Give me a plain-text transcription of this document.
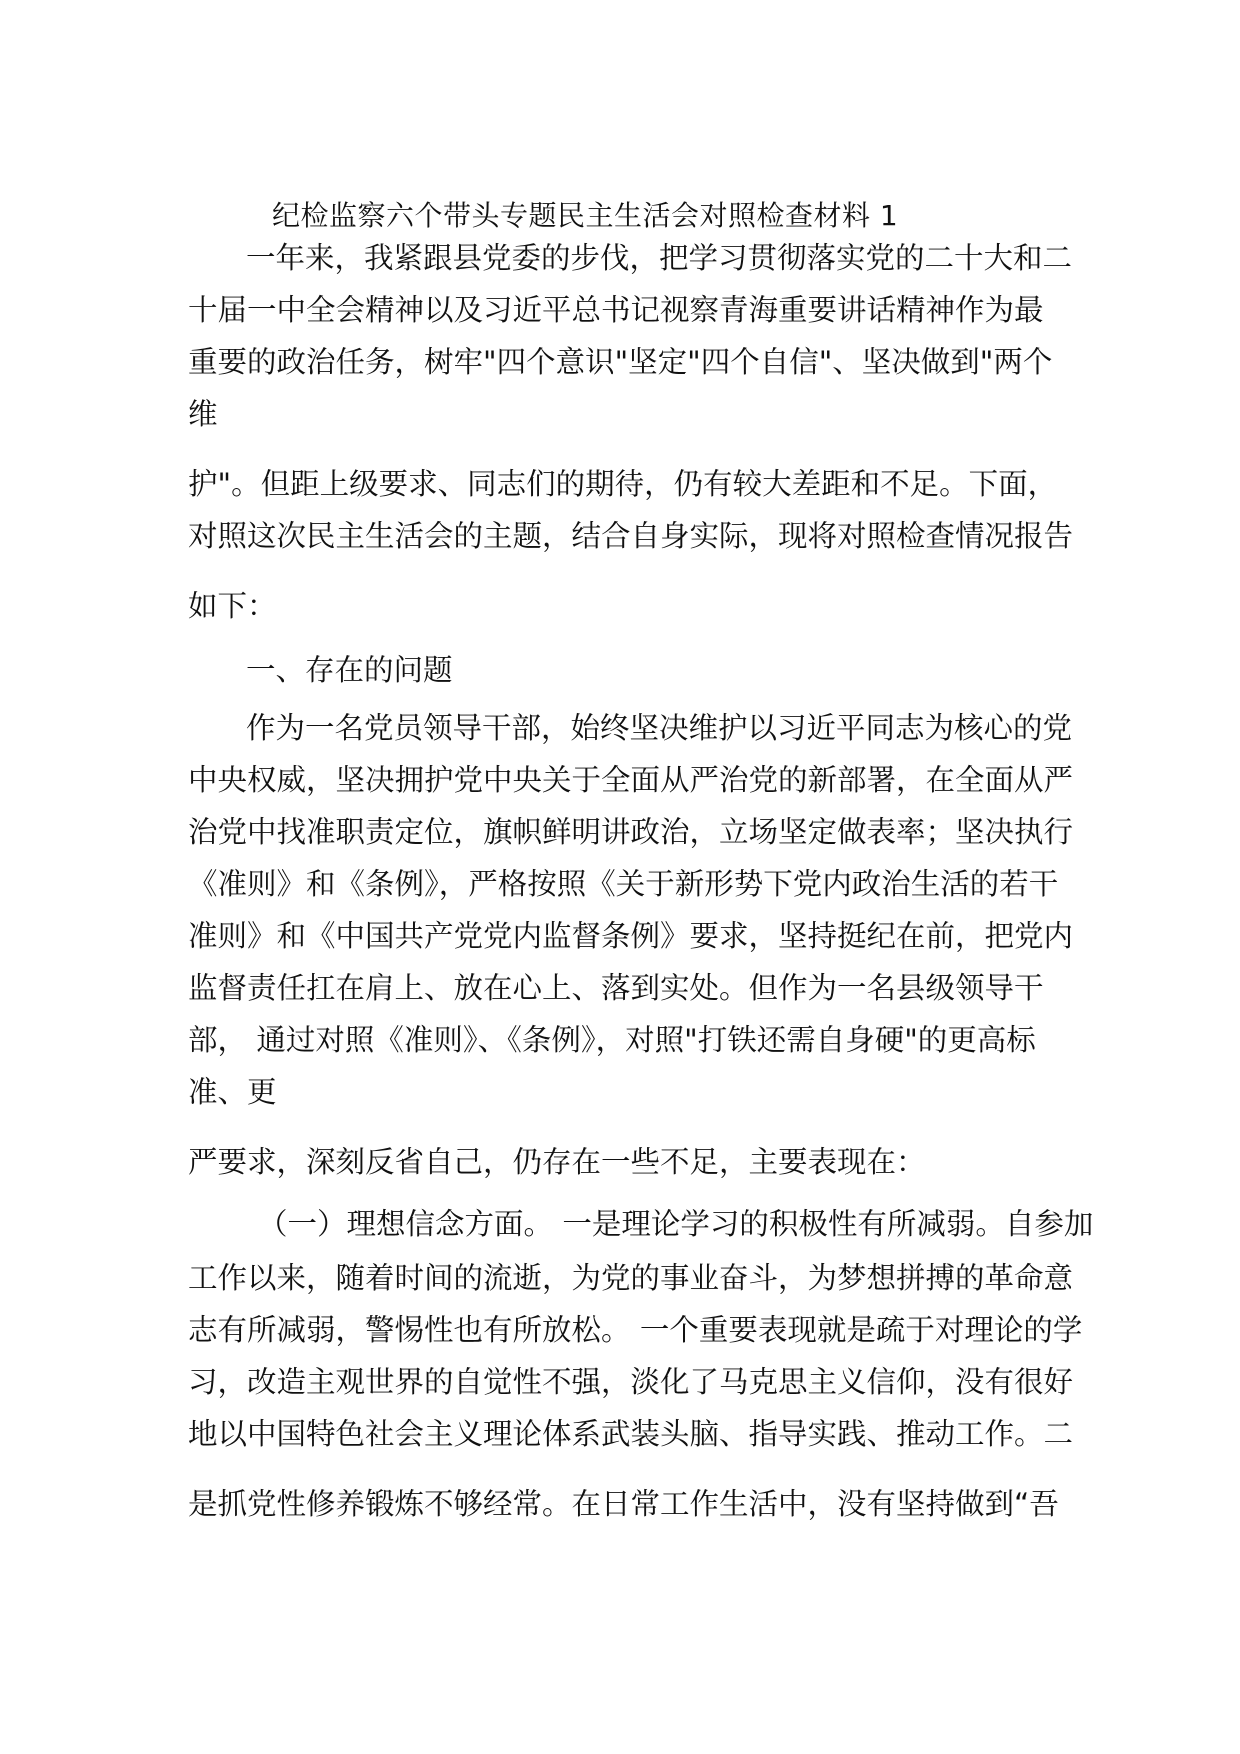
纪检监察六个带头专题民主生活会对照检查材料 1
一年来，我紧跟县党委的步伐，把学习贯彻落实党的二十大和二
十届一中全会精神以及习近平总书记视察青海重要讲话精神作为最
重要的政治任务，树牢"四个意识"坚定"四个自信"、坚决做到"两个
维
护"。但距上级要求、同志们的期待，仍有较大差距和不足。下面，
对照这次民主生活会的主题，结合自身实际，现将对照检查情况报告
如下：
一、存在的问题
作为一名党员领导干部，始终坚决维护以习近平同志为核心的党
中央权威，坚决拥护党中央关于全面从严治党的新部署，在全面从严
治党中找准职责定位，旗帜鲜明讲政治，立场坚定做表率；坚决执行
《准则》和《条例》，严格按照《关于新形势下党内政治生活的若干
准则》和《中国共产党党内监督条例》要求，坚持挺纪在前，把党内
监督责任扛在肩上、放在心上、落到实处。但作为一名县级领导干
部， 通过对照《准则》、《条例》，对照"打铁还需自身硬"的更高标
准、更
严要求，深刻反省自己，仍存在一些不足，主要表现在：
（一）理想信念方面。 一是理论学习的积极性有所减弱。自参加
工作以来，随着时间的流逝，为党的事业奋斗，为梦想拼搏的革命意
志有所减弱，警惕性也有所放松。 一个重要表现就是疏于对理论的学
习，改造主观世界的自觉性不强，淡化了马克思主义信仰，没有很好
地以中国特色社会主义理论体系武装头脑、指导实践、推动工作。二
是抓党性修养锻炼不够经常。在日常工作生活中，没有坚持做到“吾
